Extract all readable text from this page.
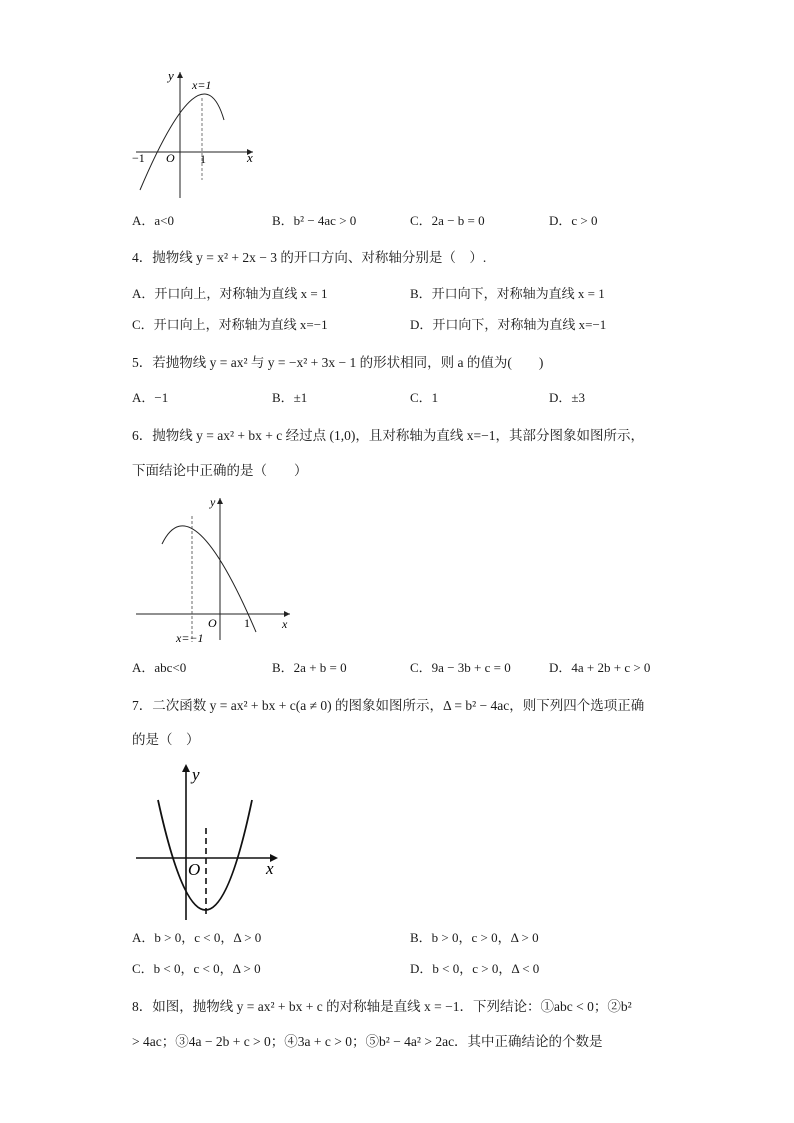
y
x
x=1
O
−1	1
A．a<0	B．b² − 4ac > 0	C．2a − b = 0	D．c > 0
4．抛物线 y = x² + 2x − 3 的开口方向、对称轴分别是（　）.
A．开口向上，对称轴为直线 x = 1	B．开口向下，对称轴为直线 x = 1
C．开口向上，对称轴为直线 x=−1	D．开口向下，对称轴为直线 x=−1
5．若抛物线 y = ax² 与 y = −x² + 3x − 1 的形状相同，则 a 的值为(　　)
A．−1	B．±1	C．1	D．±3
6．抛物线 y = ax² + bx + c 经过点 (1,0)，且对称轴为直线 x=−1，其部分图象如图所示，
下面结论中正确的是（　　）
y
x
O 1
x=−1
A．abc<0	B．2a + b = 0	C．9a − 3b + c = 0	D．4a + 2b + c > 0
7．二次函数 y = ax² + bx + c(a ≠ 0) 的图象如图所示，Δ = b² − 4ac，则下列四个选项正确
的是（　）
y
x
O
A．b > 0，c < 0，Δ > 0	B．b > 0，c > 0，Δ > 0
C．b < 0，c < 0，Δ > 0	D．b < 0，c > 0，Δ < 0
8．如图，抛物线 y = ax² + bx + c 的对称轴是直线 x = −1．下列结论：①abc < 0；②b²
> 4ac；③4a − 2b + c > 0；④3a + c > 0；⑤b² − 4a² > 2ac．其中正确结论的个数是
